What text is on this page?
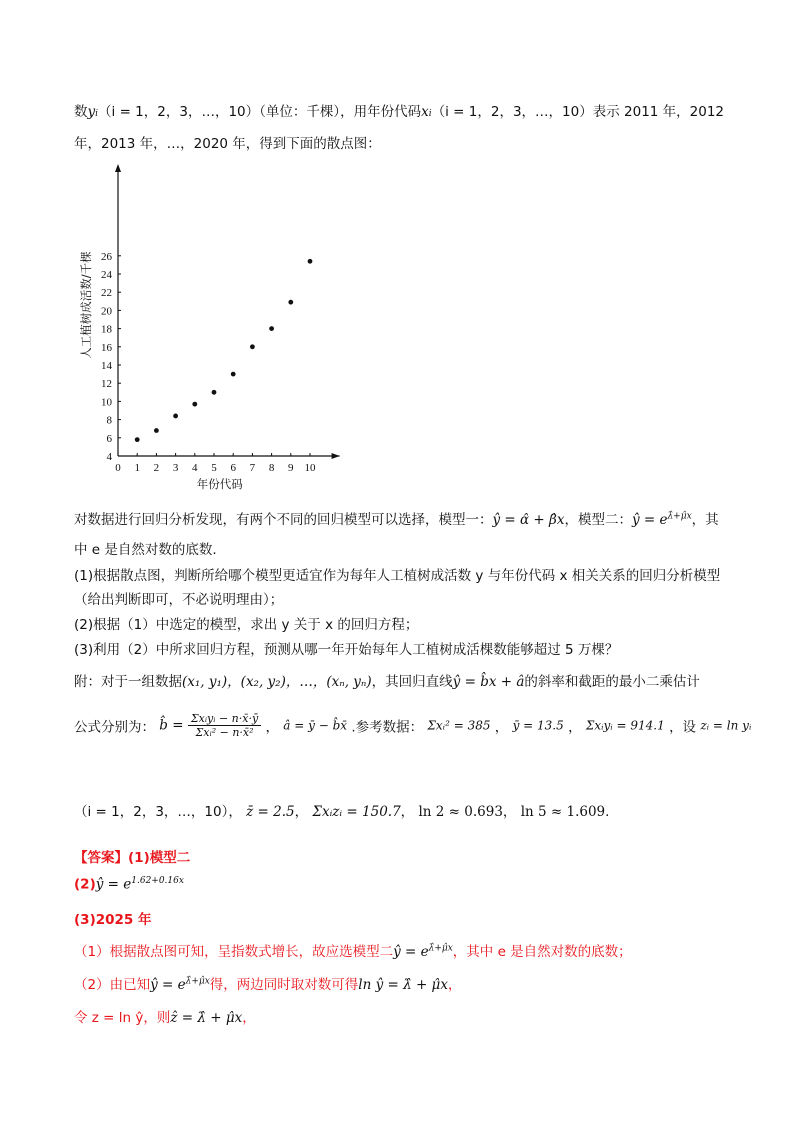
数yi（i = 1，2，3，…，10）（单位：千棵），用年份代码xi（i = 1，2，3，…，10）表示 2011 年，2012
年，2013 年，…，2020 年，得到下面的散点图：
0 1 2 3 4 5 6 7 8 9 10
4
6
8
10
12
14
16
18
20
22
24
26
人工植树成活数/千棵
年份代码
对数据进行回归分析发现，有两个不同的回归模型可以选择，模型一：ŷ = α̂ + β̂x，模型二：ŷ = $e^{\lambdâ+\mûx}$，其
中 e 是自然对数的底数.
(1)根据散点图，判断所给哪个模型更适宜作为每年人工植树成活数 y 与年份代码 x 相关关系的回归分析模型
（给出判断即可，不必说明理由）；
(2)根据（1）中选定的模型，求出 y 关于 x 的回归方程；
(3)利用（2）中所求回归方程，预测从哪一年开始每年人工植树成活棵数能够超过 5 万棵？
附：对于一组数据(x₁, y₁)，(x₂, y₂)，…，(xₙ, yₙ)，其回归直线ŷ = b̂x + â的斜率和截距的最小二乘估计
公式分别为： b̂ = $\frac{\text{Σxᵢyᵢ − n·x̄·ȳ}}{\text{Σxᵢ² − n·x̄²}}$ ， â = ȳ − b̂x̄ .参考数据： Σxᵢ² = 385 ， ȳ = 13.5 ， Σxᵢyᵢ = 914.1 ，设 zᵢ = ln yᵢ
（i = 1，2，3，…，10）， z̄ = 2.5， Σxᵢzᵢ = 150.7， ln 2 ≈ 0.693， ln 5 ≈ 1.609.
【答案】(1)模型二
(2)ŷ = $e^{1.62+0.16x}$
(3)2025 年
（1）根据散点图可知，呈指数式增长，故应选模型二ŷ = $e^{\lambdâ+\mûx}$，其中 e 是自然对数的底数；
（2）由已知ŷ = $e^{\lambdâ+\mûx}$得，两边同时取对数可得ln ŷ = λ̂ + μ̂x，
令 z = ln ŷ，则ẑ = λ̂ + μ̂x，
